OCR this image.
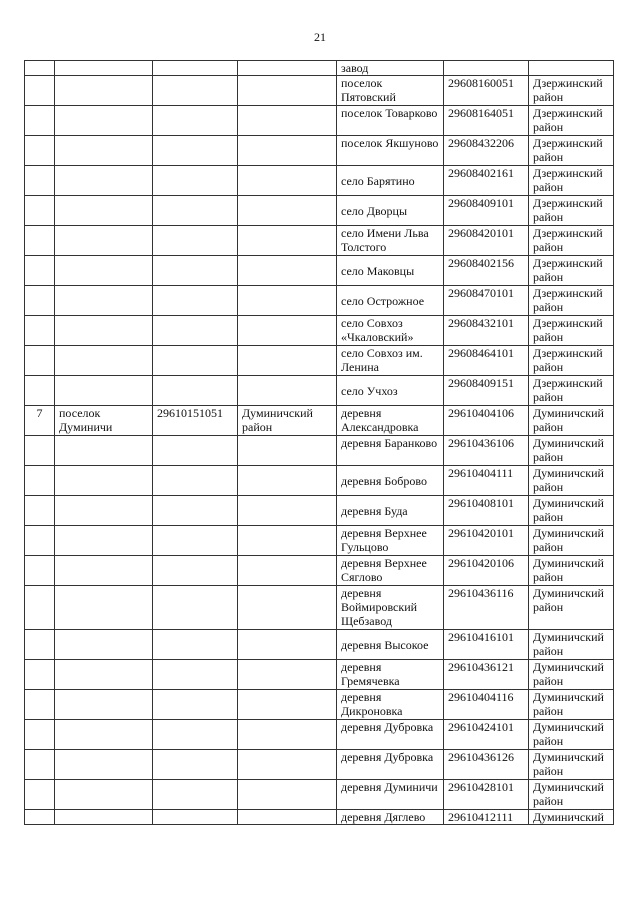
21
				завод		
				поселок Пятовский	29608160051	Дзержинский район
				поселок Товарково	29608164051	Дзержинский район
				поселок Якшуново	29608432206	Дзержинский район
				село Барятино	29608402161	Дзержинский район
				село Дворцы	29608409101	Дзержинский район
				село Имени Льва Толстого	29608420101	Дзержинский район
				село Маковцы	29608402156	Дзержинский район
				село Острожное	29608470101	Дзержинский район
				село Совхоз «Чкаловский»	29608432101	Дзержинский район
				село Совхоз им. Ленина	29608464101	Дзержинский район
				село Учхоз	29608409151	Дзержинский район
7	поселок Думиничи	29610151051	Думиничский район	деревня Александровка	29610404106	Думиничский район
				деревня Баранково	29610436106	Думиничский район
				деревня Боброво	29610404111	Думиничский район
				деревня Буда	29610408101	Думиничский район
				деревня Верхнее Гульцово	29610420101	Думиничский район
				деревня Верхнее Сяглово	29610420106	Думиничский район
				деревня Воймировский Щебзавод	29610436116	Думиничский район
				деревня Высокое	29610416101	Думиничский район
				деревня Гремячевка	29610436121	Думиничский район
				деревня Дикроновка	29610404116	Думиничский район
				деревня Дубровка	29610424101	Думиничский район
				деревня Дубровка	29610436126	Думиничский район
				деревня Думиничи	29610428101	Думиничский район
				деревня Дяглево	29610412111	Думиничский
